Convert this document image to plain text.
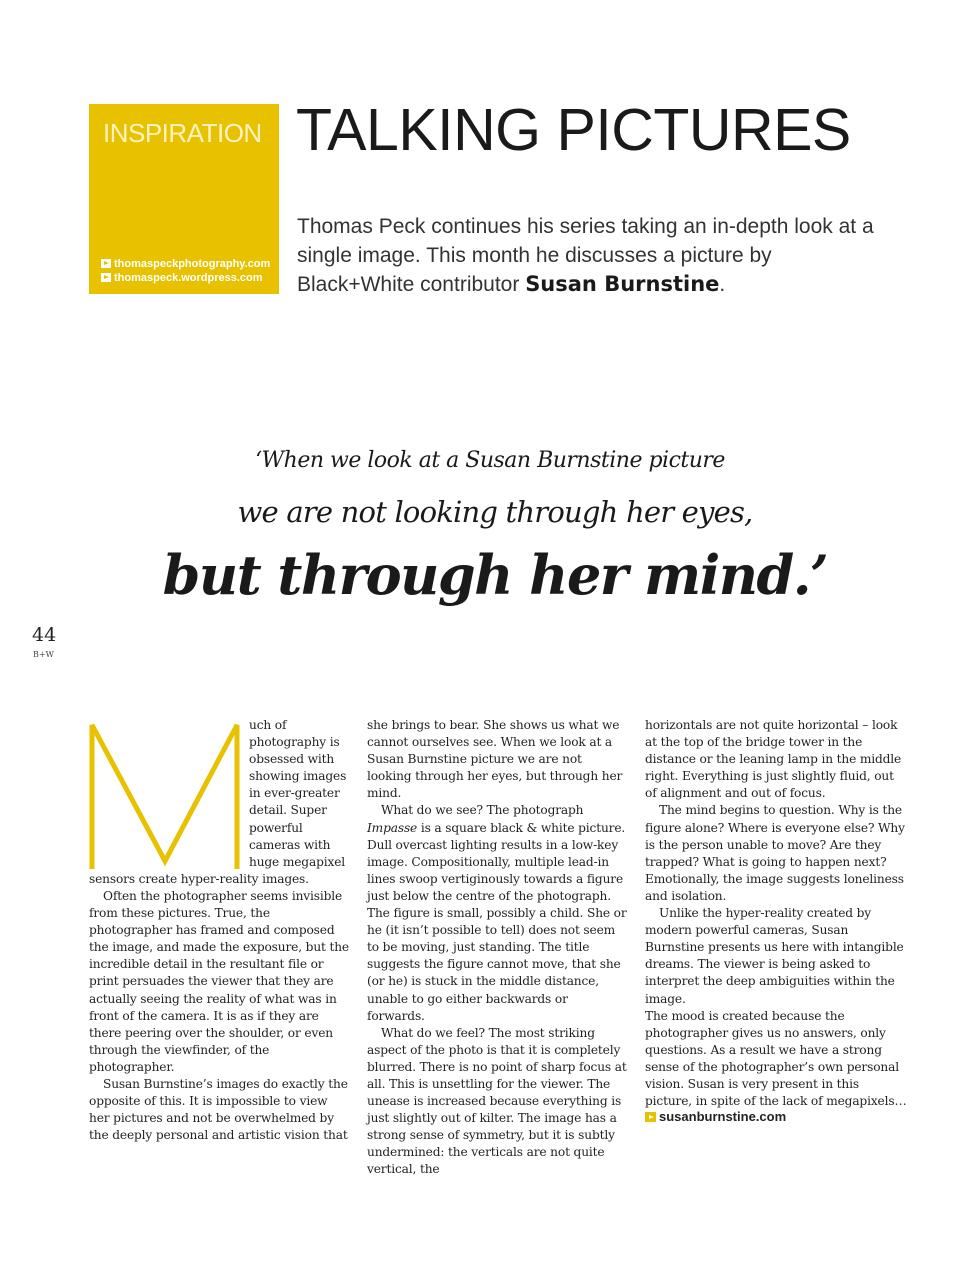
INSPIRATION
thomaspeckphotography.com
thomaspeck.wordpress.com
TALKING PICTURES

Thomas Peck continues his series taking an in-depth look at a single image. This month he discusses a picture by Black+White contributor Susan Burnstine.

‘When we look at a Susan Burnstine picture
we are not looking through her eyes,
but through her mind.’
44
B+W

uch of photography is obsessed with showing images in ever-greater detail. Super powerful cameras with huge megapixel sensors create hyper-reality images.

Often the photographer seems invisible from these pictures. True, the photographer has framed and composed the image, and made the exposure, but the incredible detail in the resultant file or print persuades the viewer that they are actually seeing the reality of what was in front of the camera. It is as if they are there peering over the shoulder, or even through the viewfinder, of the photographer.

Susan Burnstine’s images do exactly the opposite of this. It is impossible to view her pictures and not be overwhelmed by the deeply personal and artistic vision that

she brings to bear. She shows us what we cannot ourselves see. When we look at a Susan Burnstine picture we are not looking through her eyes, but through her mind.

What do we see? The photograph Impasse is a square black & white picture. Dull overcast lighting results in a low-key image. Compositionally, multiple lead-in lines swoop vertiginously towards a figure just below the centre of the photograph. The figure is small, possibly a child. She or he (it isn’t possible to tell) does not seem to be moving, just standing. The title suggests the figure cannot move, that she (or he) is stuck in the middle distance, unable to go either backwards or forwards.

What do we feel? The most striking aspect of the photo is that it is completely blurred. There is no point of sharp focus at all. This is unsettling for the viewer. The unease is increased because everything is just slightly out of kilter. The image has a strong sense of symmetry, but it is subtly undermined: the verticals are not quite vertical, the

horizontals are not quite horizontal – look at the top of the bridge tower in the distance or the leaning lamp in the middle right. Everything is just slightly fluid, out of alignment and out of focus.

The mind begins to question. Why is the figure alone? Where is everyone else? Why is the person unable to move? Are they trapped? What is going to happen next? Emotionally, the image suggests loneliness and isolation.

Unlike the hyper-reality created by modern powerful cameras, Susan Burnstine presents us here with intangible dreams. The viewer is being asked to interpret the deep ambiguities within the image.

The mood is created because the photographer gives us no answers, only questions. As a result we have a strong sense of the photographer’s own personal vision. Susan is very present in this picture, in spite of the lack of megapixels…

susanburnstine.com
